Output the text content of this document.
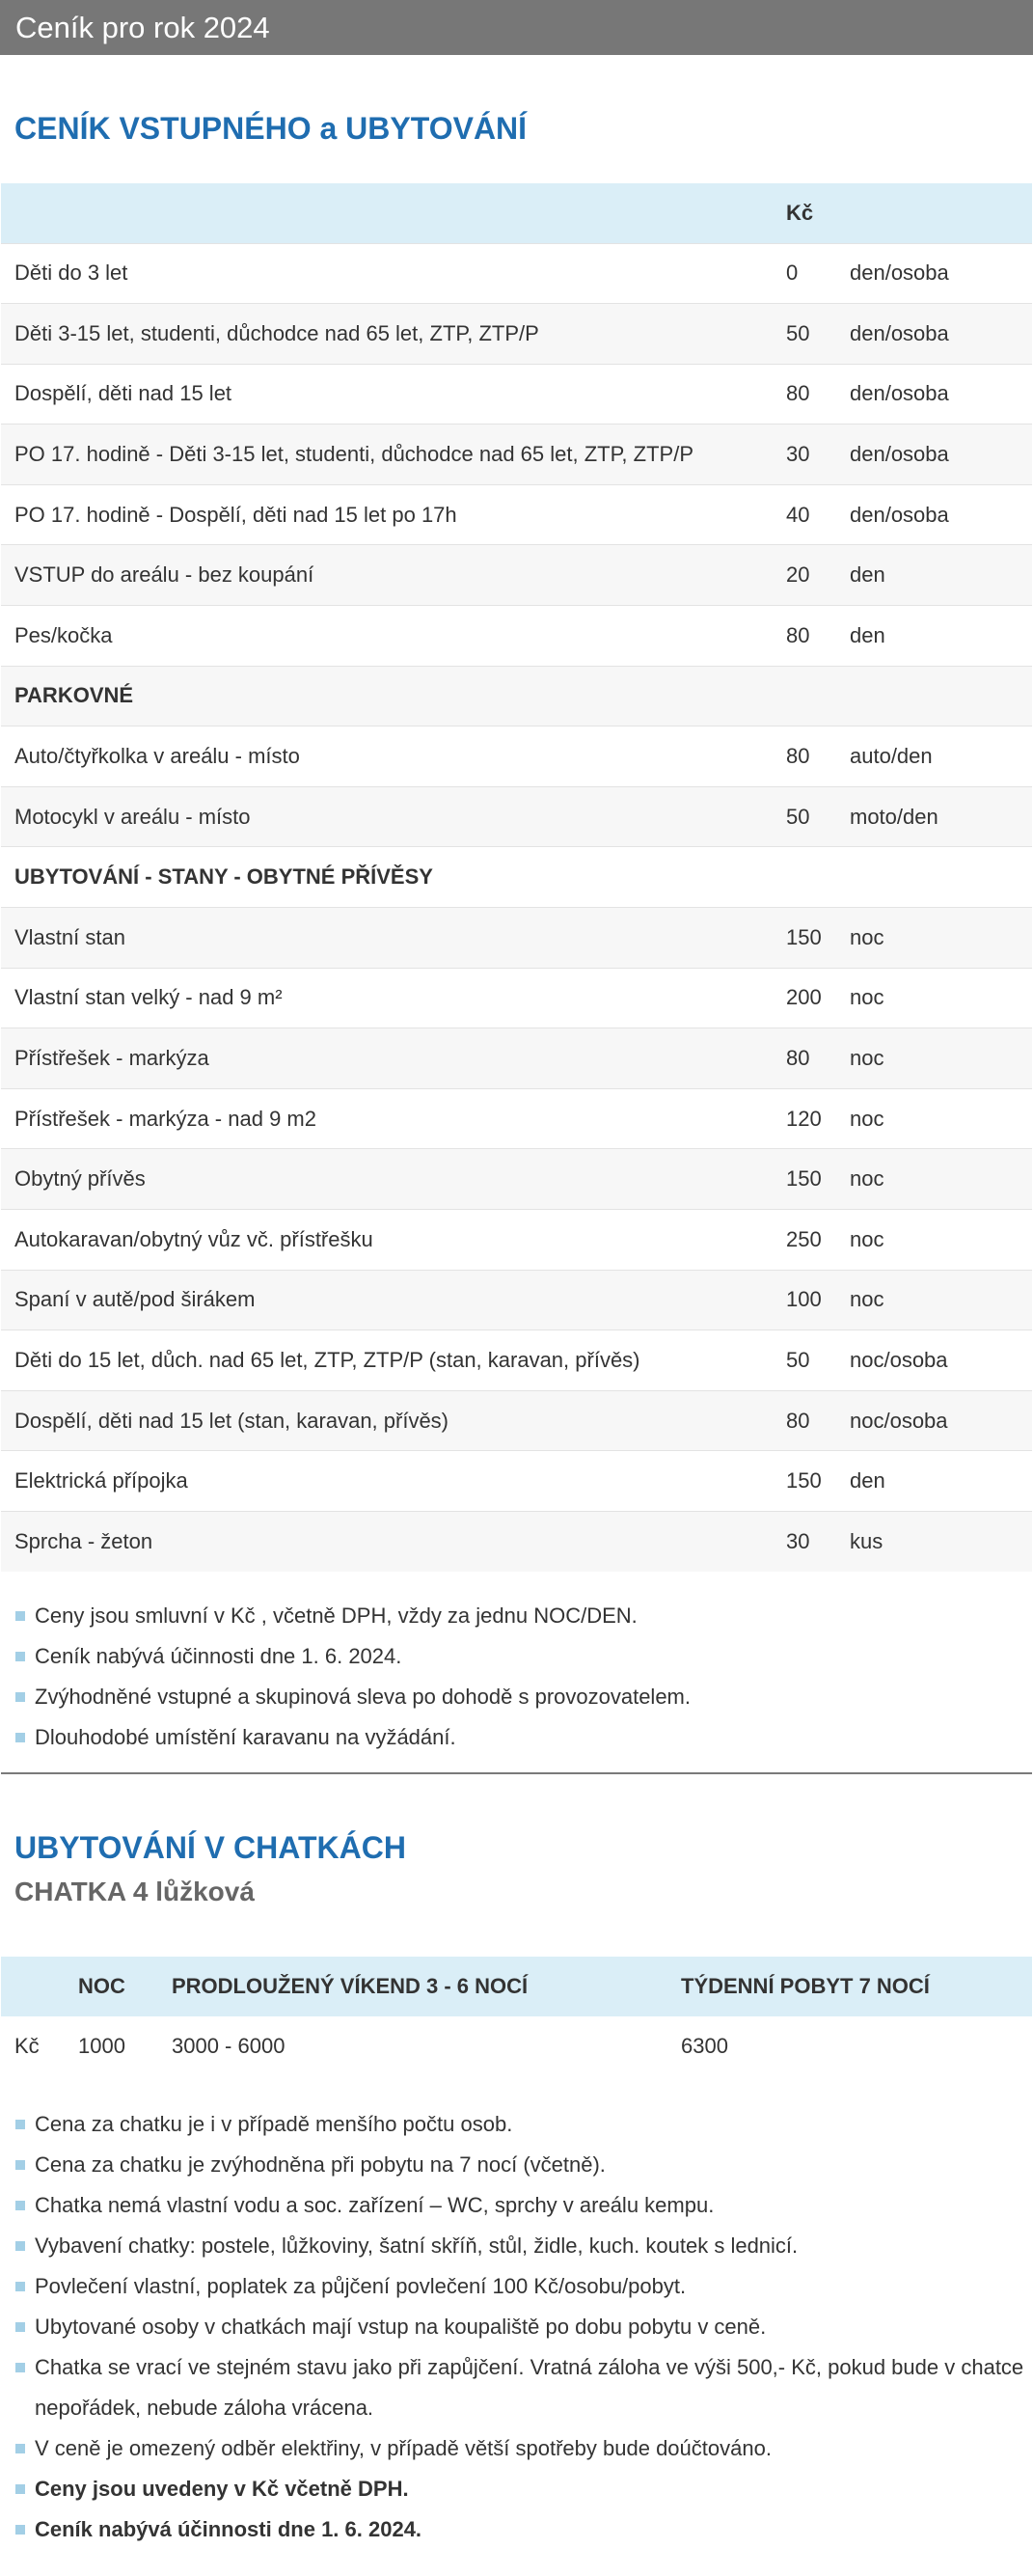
Ceník pro rok 2024
CENÍK VSTUPNÉHO a UBYTOVÁNÍ
	Kč	
Děti do 3 let	0	den/osoba
Děti 3-15 let, studenti, důchodce nad 65 let, ZTP, ZTP/P	50	den/osoba
Dospělí, děti nad 15 let	80	den/osoba
PO 17. hodině - Děti 3-15 let, studenti, důchodce nad 65 let, ZTP, ZTP/P	30	den/osoba
PO 17. hodině - Dospělí, děti nad 15 let po 17h	40	den/osoba
VSTUP do areálu - bez koupání	20	den
Pes/kočka	80	den
PARKOVNÉ		
Auto/čtyřkolka v areálu - místo	80	auto/den
Motocykl v areálu - místo	50	moto/den
UBYTOVÁNÍ - STANY - OBYTNÉ PŘÍVĚSY		
Vlastní stan	150	noc
Vlastní stan velký - nad 9 m²	200	noc
Přístřešek - markýza	80	noc
Přístřešek - markýza - nad 9 m2	120	noc
Obytný přívěs	150	noc
Autokaravan/obytný vůz vč. přístřešku	250	noc
Spaní v autě/pod širákem	100	noc
Děti do 15 let, důch. nad 65 let, ZTP, ZTP/P (stan, karavan, přívěs)	50	noc/osoba
Dospělí, děti nad 15 let (stan, karavan, přívěs)	80	noc/osoba
Elektrická přípojka	150	den
Sprcha - žeton	30	kus
Ceny jsou smluvní v Kč , včetně DPH, vždy za jednu NOC/DEN.
Ceník nabývá účinnosti dne 1. 6. 2024.
Zvýhodněné vstupné a skupinová sleva po dohodě s provozovatelem.
Dlouhodobé umístění karavanu na vyžádání.
UBYTOVÁNÍ V CHATKÁCH
CHATKA 4 lůžková
	NOC	PRODLOUŽENÝ VÍKEND 3 - 6 NOCÍ	TÝDENNÍ POBYT 7 NOCÍ
Kč	1000	3000 - 6000	6300
Cena za chatku je i v případě menšího počtu osob.
Cena za chatku je zvýhodněna při pobytu na 7 nocí (včetně).
Chatka nemá vlastní vodu a soc. zařízení – WC, sprchy v areálu kempu.
Vybavení chatky: postele, lůžkoviny, šatní skříň, stůl, židle, kuch. koutek s lednicí.
Povlečení vlastní, poplatek za půjčení povlečení 100 Kč/osobu/pobyt.
Ubytované osoby v chatkách mají vstup na koupaliště po dobu pobytu v ceně.
Chatka se vrací ve stejném stavu jako při zapůjčení. Vratná záloha ve výši 500,- Kč, pokud bude v chatce nepořádek, nebude záloha vrácena.
V ceně je omezený odběr elektřiny, v případě větší spotřeby bude doúčtováno.
Ceny jsou uvedeny v Kč včetně DPH.
Ceník nabývá účinnosti dne 1. 6. 2024.
